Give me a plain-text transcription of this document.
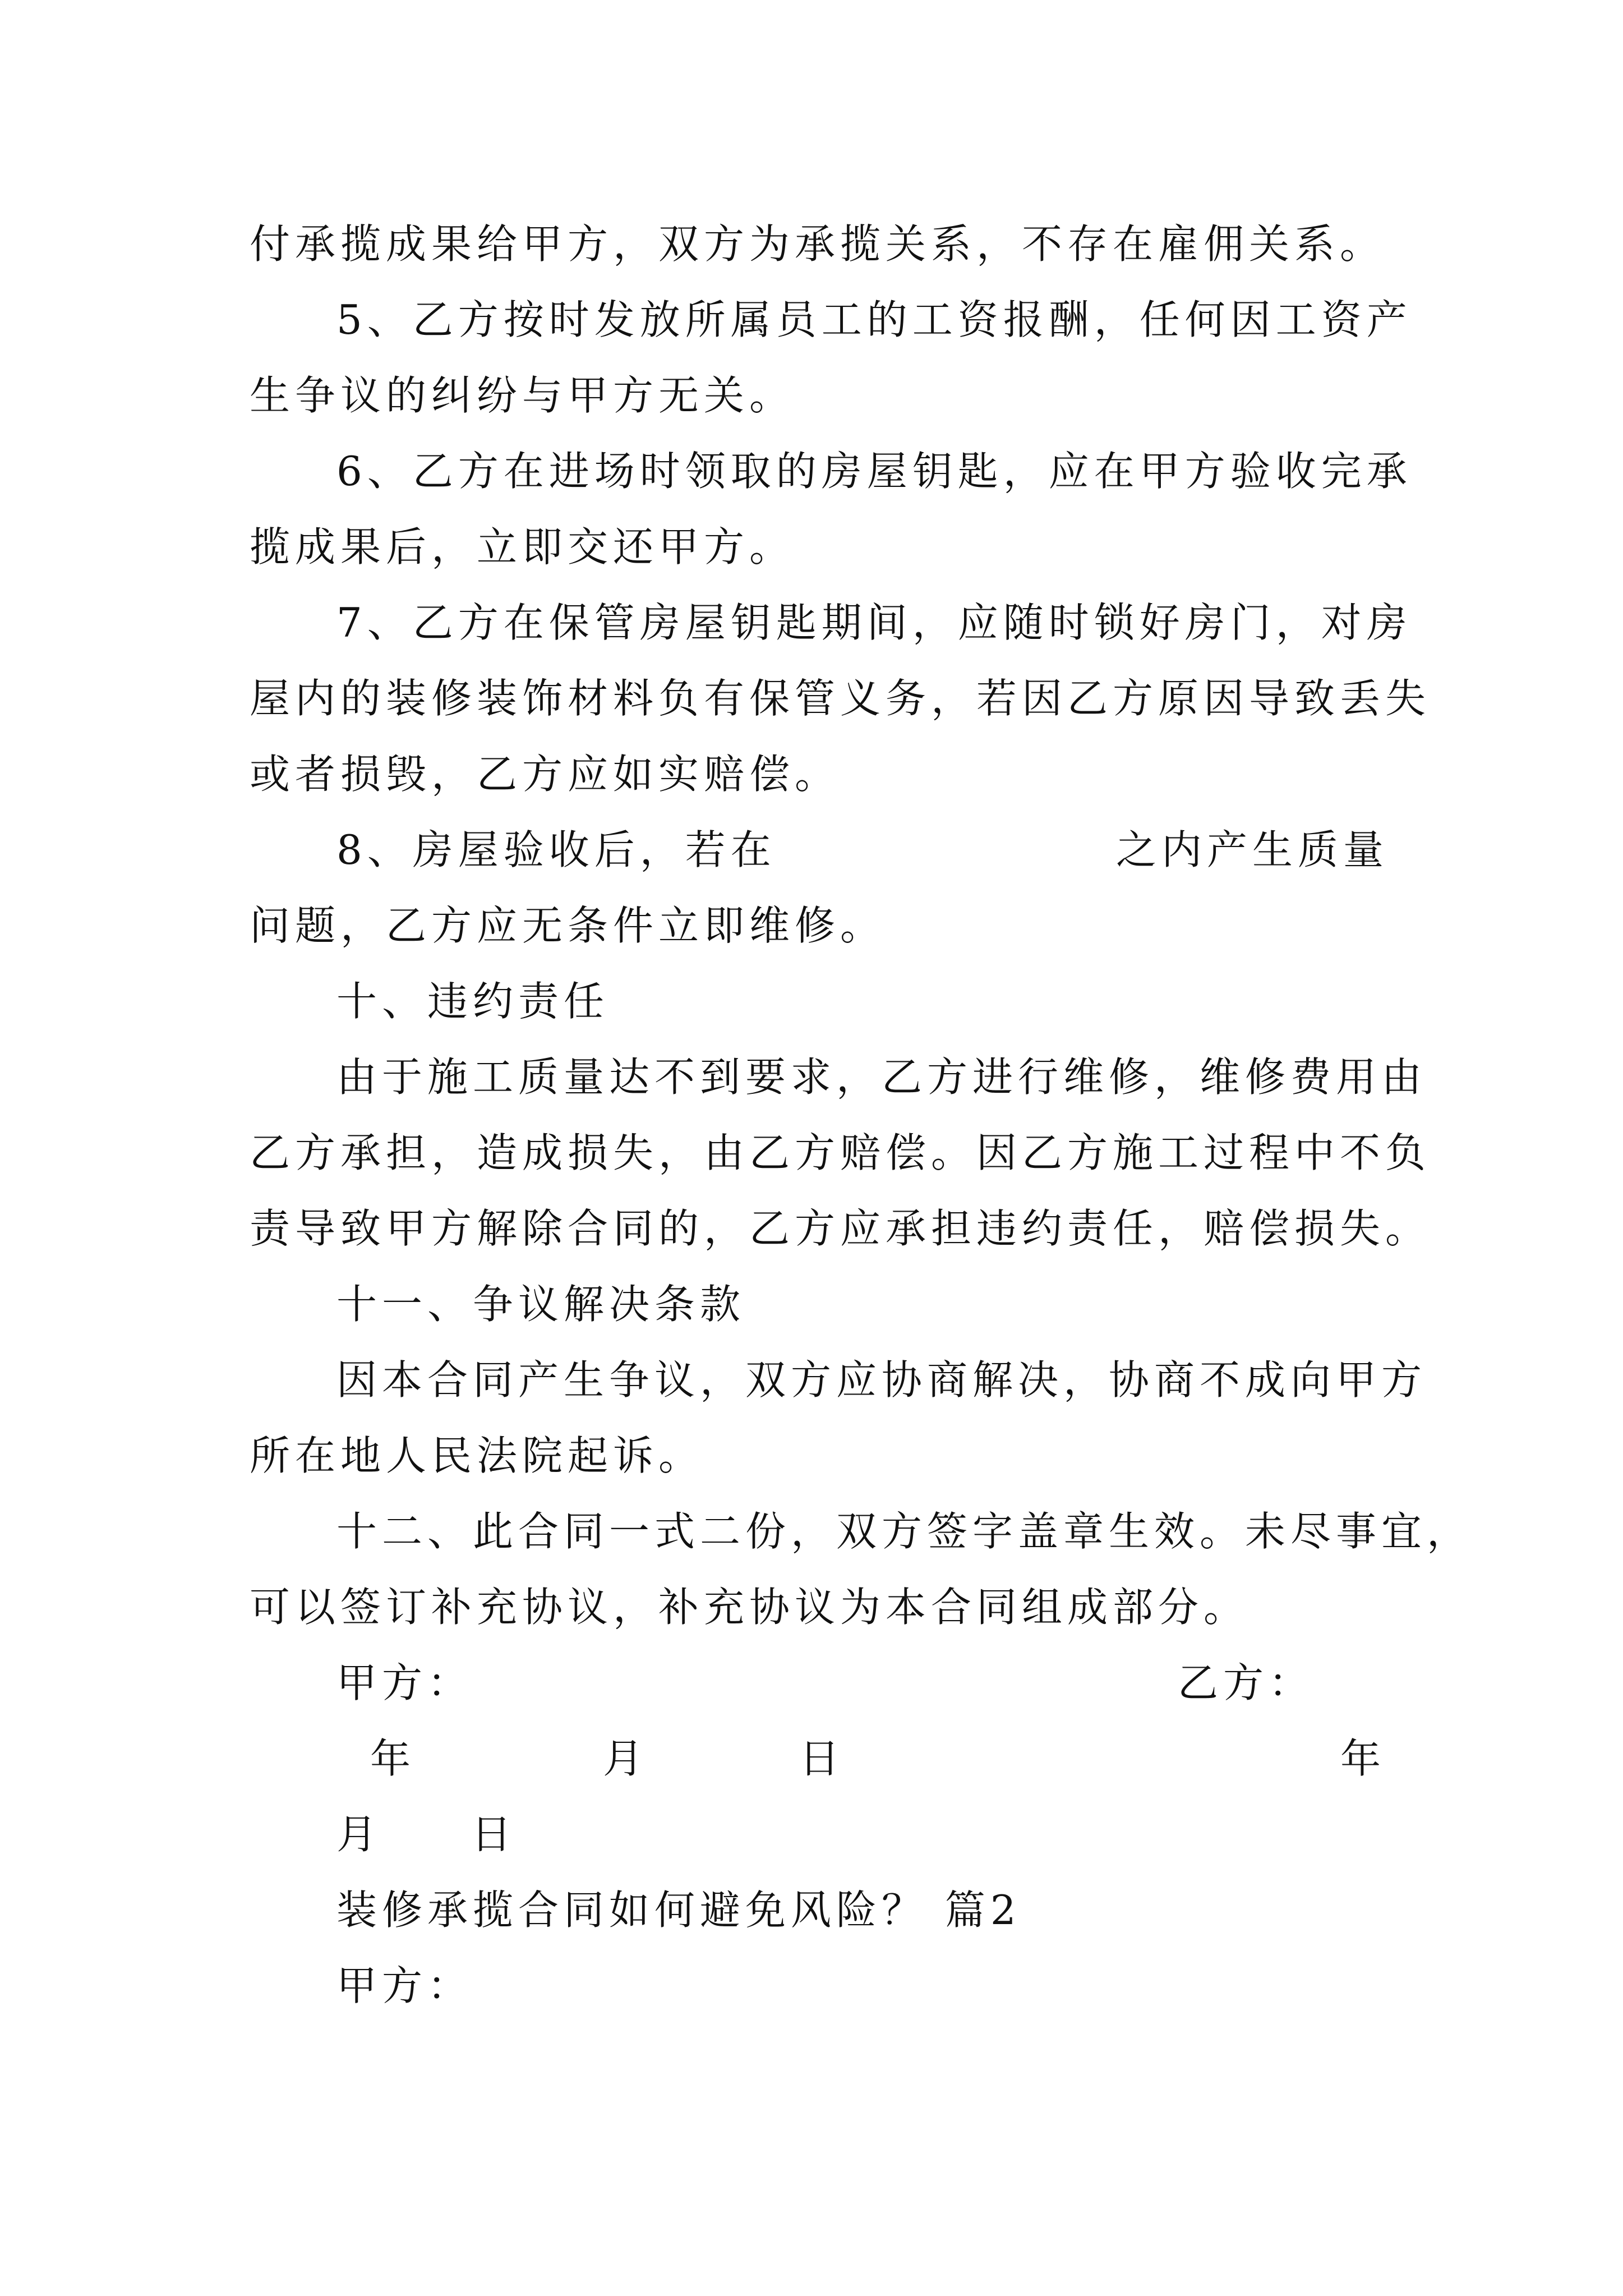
付承揽成果给甲方，双方为承揽关系，不存在雇佣关系。
5、乙方按时发放所属员工的工资报酬，任何因工资产
生争议的纠纷与甲方无关。
6、乙方在进场时领取的房屋钥匙，应在甲方验收完承
揽成果后，立即交还甲方。
7、乙方在保管房屋钥匙期间，应随时锁好房门，对房
屋内的装修装饰材料负有保管义务，若因乙方原因导致丢失
或者损毁，乙方应如实赔偿。
8、房屋验收后，若在	之内产生质量
问题，乙方应无条件立即维修。
十、违约责任
由于施工质量达不到要求，乙方进行维修，维修费用由
乙方承担，造成损失，由乙方赔偿。因乙方施工过程中不负
责导致甲方解除合同的，乙方应承担违约责任，赔偿损失。
十一、争议解决条款
因本合同产生争议，双方应协商解决，协商不成向甲方
所在地人民法院起诉。
十二、此合同一式二份，双方签字盖章生效。未尽事宜，
可以签订补充协议，补充协议为本合同组成部分。
甲方：	乙方：
年	月	日	年
月 日
装修承揽合同如何避免风险？ 篇2
甲方：
